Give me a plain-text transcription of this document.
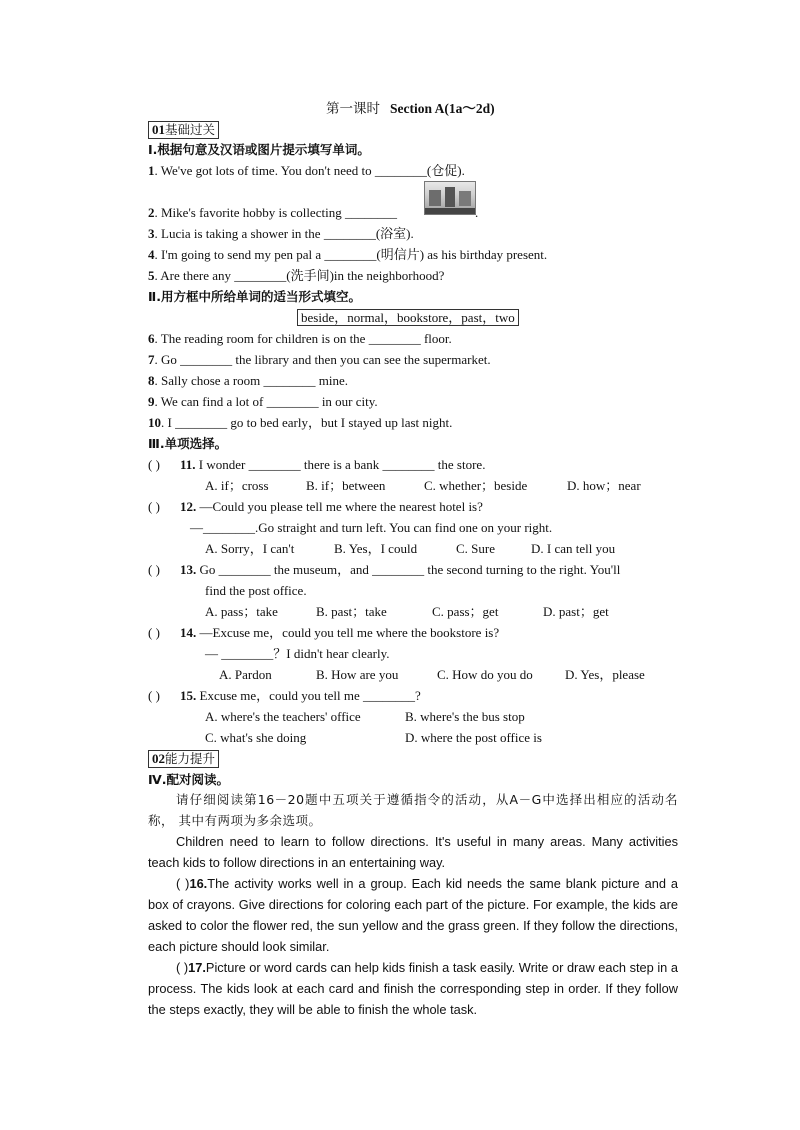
第一课时 Section A(1a～2d)
01基础过关
Ⅰ.根据句意及汉语或图片提示填写单词。
1. We've got lots of time. You don't need to ________(仓促).
2. Mike's favorite hobby is collecting ________	.
3. Lucia is taking a shower in the ________(浴室).
4. I'm going to send my pen pal a ________(明信片) as his birthday present.
5. Are there any ________(洗手间)in the neighborhood?
Ⅱ.用方框中所给单词的适当形式填空。
beside，normal，bookstore，past，two
6. The reading room for children is on the ________ floor.
7. Go ________ the library and then you can see the supermarket.
8. Sally chose a room ________ mine.
9. We can find a lot of ________ in our city.
10. I ________ go to bed early，but I stayed up last night.
Ⅲ.单项选择。
( ) 11. I wonder ________ there is a bank ________ the store.
A. if；cross	B. if；between	C. whether；beside	D. how；near
( ) 12. —Could you please tell me where the nearest hotel is?
—________.Go straight and turn left. You can find one on your right.
A. Sorry，I can't	B. Yes，I could	C. Sure	D. I can tell you
( ) 13. Go ________ the museum，and ________ the second turning to the right. You'll
find the post office.
A. pass；take	B. past；take	C. pass；get	D. past；get
( ) 14. —Excuse me，could you tell me where the bookstore is?
— ________？I didn't hear clearly.
A. Pardon	B. How are you	C. How do you do D. Yes，please
( ) 15. Excuse me，could you tell me ________?
A. where's the teachers' office	B. where's the bus stop
C. what's she doing	D. where the post office is
02能力提升
Ⅳ.配对阅读。
请仔细阅读第16－20题中五项关于遵循指令的活动，从A－G中选择出相应的活动名称， 其中有两项为多余选项。
Children need to learn to follow directions. It's useful in many areas. Many activities teach kids to follow directions in an entertaining way.
( )16.The activity works well in a group. Each kid needs the same blank picture and a box of crayons. Give directions for coloring each part of the picture. For example, the kids are asked to color the flower red, the sun yellow and the grass green. If they follow the directions, each picture should look similar.
( )17.Picture or word cards can help kids finish a task easily. Write or draw each step in a process. The kids look at each card and finish the corresponding step in order. If they follow the steps exactly, they will be able to finish the whole task.
